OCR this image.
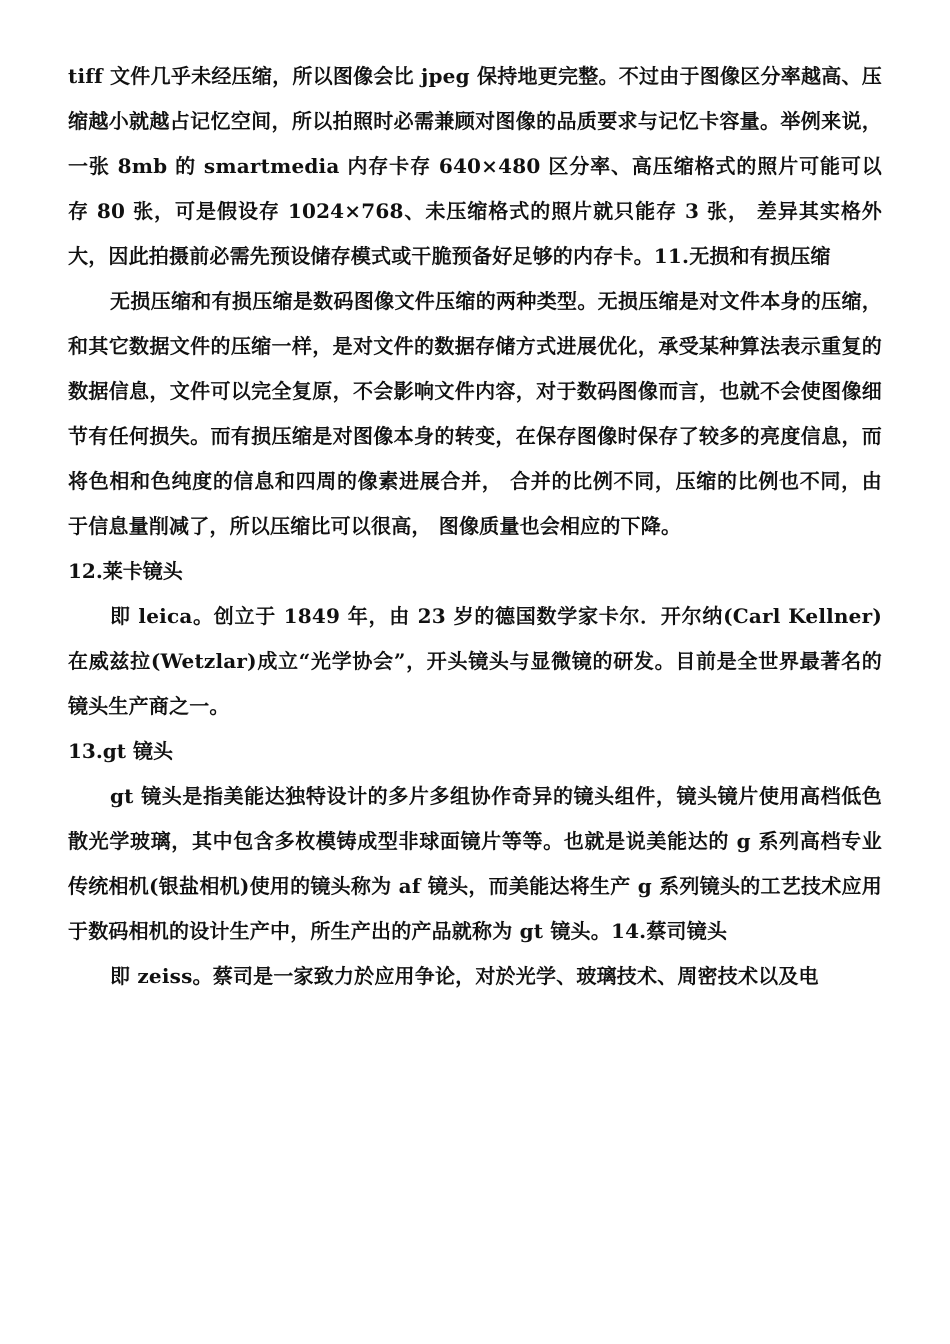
tiff 文件几乎未经压缩，所以图像会比 jpeg 保持地更完整。不过由于图像区分率越高、压缩越小就越占记忆空间，所以拍照时必需兼顾对图像的品质要求与记忆卡容量。举例来说，一张 8mb 的 smartmedia 内存卡存 640×480 区分率、高压缩格式的照片可能可以存 80 张，可是假设存 1024×768、未压缩格式的照片就只能存 3 张， 差异其实格外大，因此拍摄前必需先预设储存模式或干脆预备好足够的内存卡。11.无损和有损压缩

无损压缩和有损压缩是数码图像文件压缩的两种类型。无损压缩是对文件本身的压缩，和其它数据文件的压缩一样，是对文件的数据存储方式进展优化，承受某种算法表示重复的数据信息，文件可以完全复原，不会影响文件内容，对于数码图像而言，也就不会使图像细节有任何损失。而有损压缩是对图像本身的转变，在保存图像时保存了较多的亮度信息，而将色相和色纯度的信息和四周的像素进展合并， 合并的比例不同，压缩的比例也不同，由于信息量削减了，所以压缩比可以很高， 图像质量也会相应的下降。

12.莱卡镜头

即 leica。创立于 1849 年，由 23 岁的德国数学家卡尔．开尔纳(Carl Kellner)在威兹拉(Wetzlar)成立“光学协会”，开头镜头与显微镜的研发。目前是全世界最著名的镜头生产商之一。

13.gt 镜头

gt 镜头是指美能达独特设计的多片多组协作奇异的镜头组件，镜头镜片使用高档低色散光学玻璃，其中包含多枚模铸成型非球面镜片等等。也就是说美能达的 g 系列高档专业传统相机(银盐相机)使用的镜头称为 af 镜头，而美能达将生产 g 系列镜头的工艺技术应用于数码相机的设计生产中，所生产出的产品就称为 gt 镜头。14.蔡司镜头

即 zeiss。蔡司是一家致力於应用争论，对於光学、玻璃技术、周密技术以及电
